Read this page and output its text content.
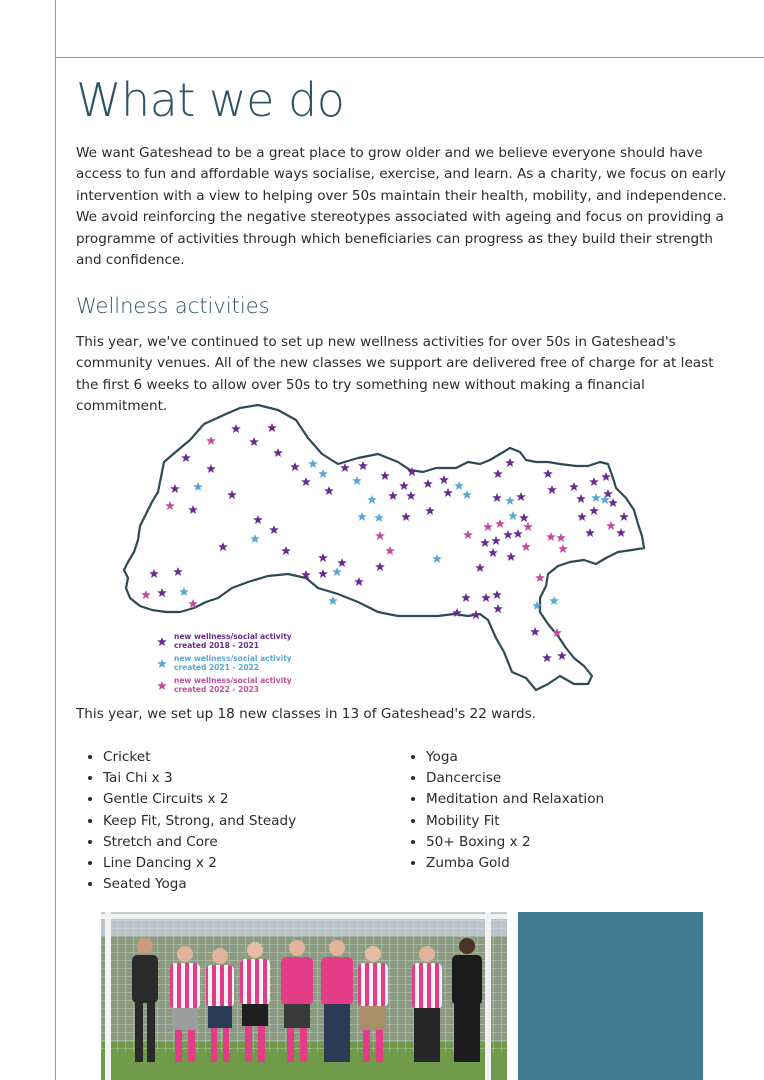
What we do

We want Gateshead to be a great place to grow older and we believe everyone should have access to fun and affordable ways socialise, exercise, and learn. As a charity, we focus on early intervention with a view to helping over 50s maintain their health, mobility, and independence. We avoid reinforcing the negative stereotypes associated with ageing and focus on providing a programme of activities through which beneficiaries can progress as they build their strength and confidence.

Wellness activities

This year, we've continued to set up new wellness activities for over 50s in Gateshead's community venues. All of the new classes we support are delivered free of charge for at least the first 6 weeks to allow over 50s to try something new without making a financial commitment.

new wellness/social activity
created 2018 - 2021
new wellness/social activity
created 2021 - 2022
new wellness/social activity
created 2022 - 2023

This year, we set up 18 new classes in 13 of Gateshead's 22 wards.

• Cricket
• Tai Chi x 3
• Gentle Circuits x 2
• Keep Fit, Strong, and Steady
• Stretch and Core
• Line Dancing x 2
• Seated Yoga
• Yoga
• Dancercise
• Meditation and Relaxation
• Mobility Fit
• 50+ Boxing x 2
• Zumba Gold
